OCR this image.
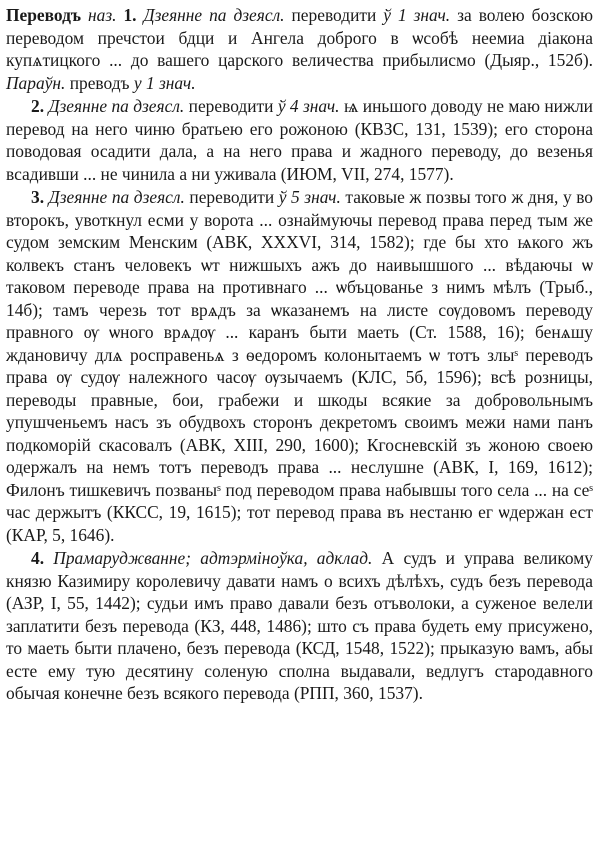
Переводъ наз. 1. Дзеянне па дзеясл. переводити ў 1 знач. за волею бозскою переводом пречстои бдци и Ангела доброго в ѡсобѣ неемиа діакона купѧтицкого ... до вашего царского величества прибылисмо (Дыяр., 152б). Параўн. преводъ у 1 знач.

2. Дзеянне па дзеясл. переводити ў 4 знач. ѩ иньшого доводу не маю нижли перевод на него чиню братьею его рожоною (КВЗС, 131, 1539); его сторона поводовая осадити дала, а на него права и жадного переводу, до везенья всадивши ... не чинила а ни уживала (ИЮМ, VII, 274, 1577).

3. Дзеянне па дзеясл. переводити ў 5 знач. таковые ж позвы того ж дня, у во второкъ, увоткнул есми у ворота ... ознаймуючы перевод права перед тым же судом земским Менским (АВК, XXXVI, 314, 1582); где бы хто ѩкого жъ колвекъ станъ человекъ ѡт нижшыхъ ажъ до наивышшого ... вѣдаючы ѡ таковом переводе права на противнаго ... ѡбъцованье з нимъ мѣлъ (Трыб., 14б); тамъ черезь тот врѧдъ за ѡказанемъ на листе сѹдовомъ переводу правного ѹ ѡного врѧдѹ ... каранъ быти маеть (Ст. 1588, 16); бенѧшу ждановичу длѧ росправеньѧ з ѳедоромъ колонытаемъ ѡ тотъ злыˢ переводъ права ѹ судѹ належного часѹ ѹзычаемъ (КЛС, 5б, 1596); всѣ розницы, переводы правные, бои, грабежи и шкоды всякие за добровольнымъ упушченьемъ насъ зъ обудвохъ сторонъ декретомъ своимъ межи нами панъ подкоморій скасовалъ (АВК, XIII, 290, 1600); Кгосневскій зъ жоною своею одержалъ на немъ тотъ переводъ права ... неслушне (АВК, I, 169, 1612); Филонъ тишкевичъ позваныˢ под переводом права набывшы того села ... на сеˢ час держытъ (ККСС, 19, 1615); тот перевод права въ нестаню ег ѡдержан ест (КАР, 5, 1646).

4. Прамаруджванне; адтэрміноўка, адклад. А судъ и управа великому князю Казимиру королевичу давати намъ о всихъ дѣлѣхъ, судъ безъ перевода (АЗР, I, 55, 1442); судьи имъ право давали безъ отъволоки, а суженое велели заплатити безъ перевода (КЗ, 448, 1486); што съ права будеть ему присужено, то маеть быти плачено, безъ перевода (КСД, 1548, 1522); прыказую вамъ, абы есте ему тую десятину соленую сполна выдавали, ведлугъ стародавного обычая конечне безъ всякого перевода (РПП, 360, 1537).
